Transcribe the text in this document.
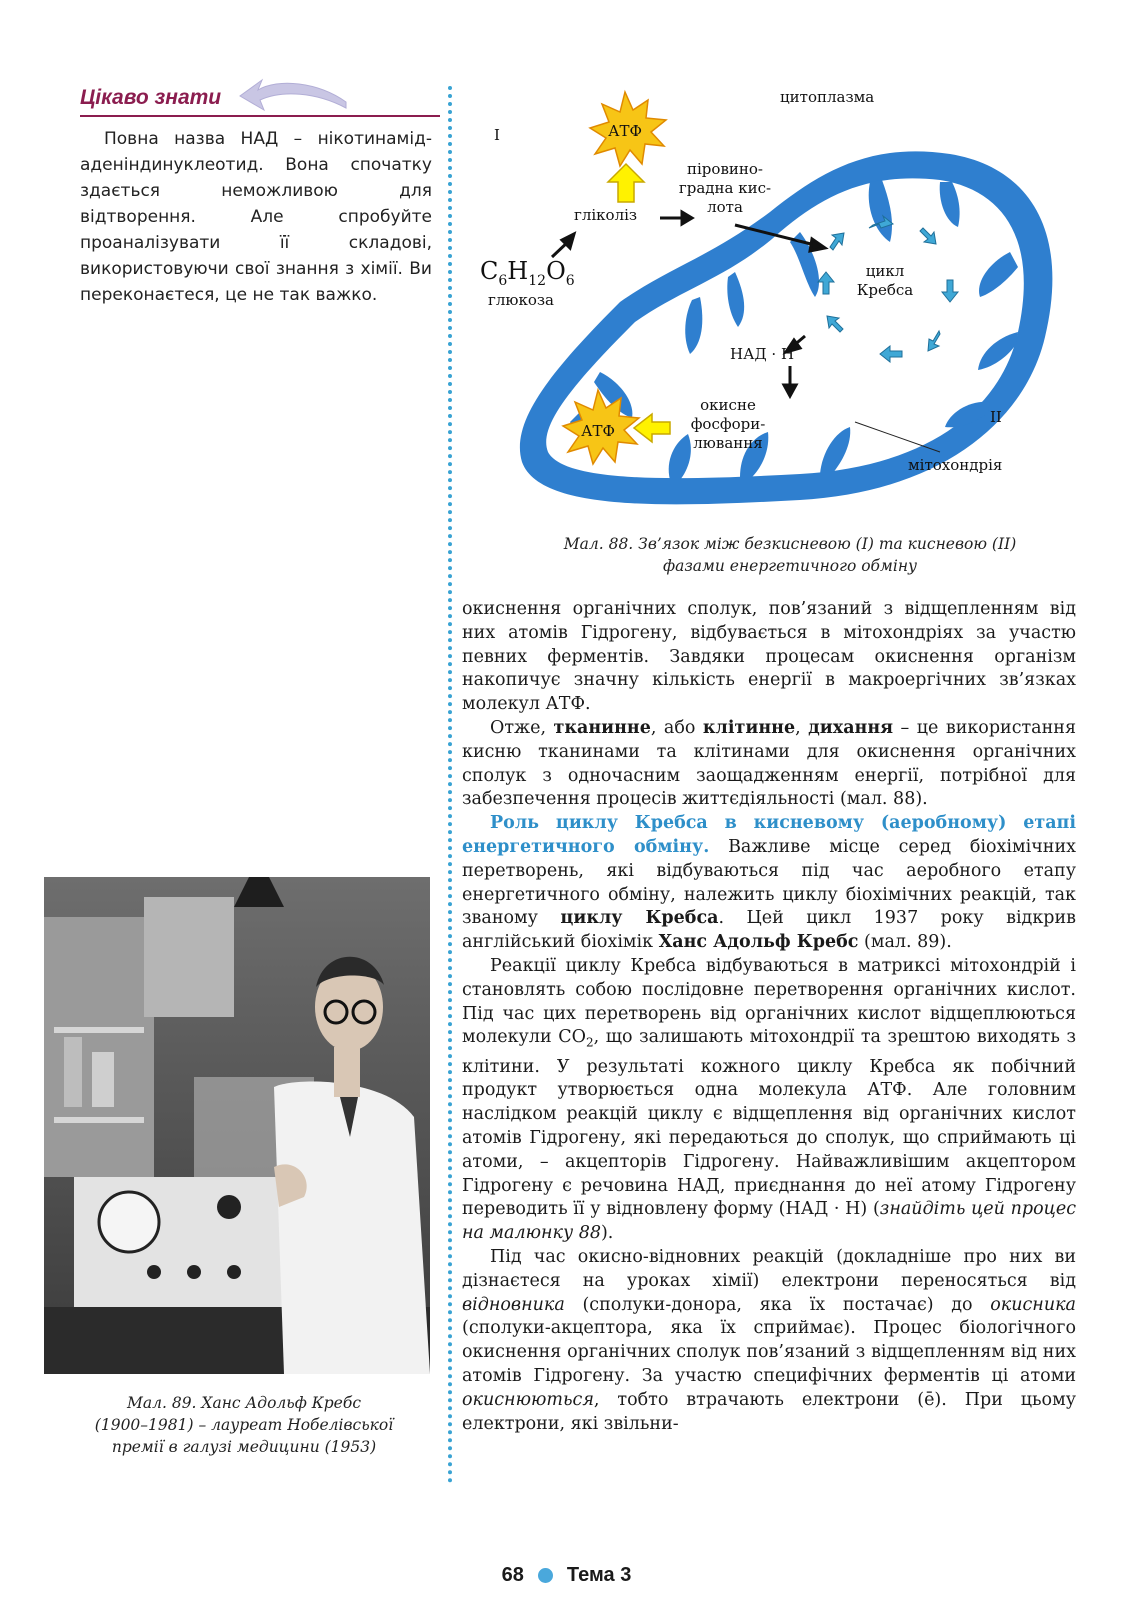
Цікаво знати
Повна назва НАД – нікотинамід-аденіндинуклеотид. Вона спочатку здається неможливою для відтворення. Але спробуйте проаналізувати її складові, використовуючи свої знання з хімії. Ви переконаєтеся, це не так важко.
цитоплазма
I
II
АТФ
АТФ
піровино-
градна кис-
лота
гліколіз
$C_6H_{12}O_6$
глюкоза
цикл
Кребса
НАД · Н
окисне
фосфори-
лювання
мітохондрія
Мал. 88. Зв’язок між безкисневою (I) та кисневою (II)
фазами енергетичного обміну

окиснення органічних сполук, пов’язаний з відщепленням від них атомів Гідрогену, відбувається в мітохондріях за участю певних ферментів. Завдяки процесам окиснення організм накопичує значну кількість енергії в макроергічних зв’язках молекул АТФ.

Отже, тканинне, або клітинне, дихання – це використання кисню тканинами та клітинами для окиснення органічних сполук з одночасним заощадженням енергії, потрібної для забезпечення процесів життєдіяльності (мал. 88).

Роль циклу Кребса в кисневому (аеробному) етапі енергетичного обміну. Важливе місце серед біохімічних перетворень, які відбуваються під час аеробного етапу енергетичного обміну, належить циклу біохімічних реакцій, так званому циклу Кребса. Цей цикл 1937 року відкрив англійський біохімік Ханс Адольф Кребс (мал. 89).

Реакції циклу Кребса відбуваються в матриксі мітохондрій і становлять собою послідовне перетворення органічних кислот. Під час цих перетворень від органічних кислот відщеплюються молекули $CO_2$, що залишають мітохондрії та зрештою виходять з клітини. У результаті кожного циклу Кребса як побічний продукт утворюється одна молекула АТФ. Але головним наслідком реакцій циклу є відщеплення від органічних кислот атомів Гідрогену, які передаються до сполук, що сприймають ці атоми, – акцепторів Гідрогену. Найважливішим акцептором Гідрогену є речовина НАД, приєднання до неї атому Гідрогену переводить її у відновлену форму (НАД · Н) (знайдіть цей процес на малюнку 88).

Під час окисно-відновних реакцій (докладніше про них ви дізнаєтеся на уроках хімії) електрони переносяться від відновника (сполуки-донора, яка їх постачає) до окисника (сполуки-акцептора, яка їх сприймає). Процес біологічного окиснення органічних сполук пов’язаний з відщепленням від них атомів Гідрогену. За участю специфічних ферментів ці атоми окиснюються, тобто втрачають електрони (ē). При цьому електрони, які звільни-

Мал. 89. Ханс Адольф Кребс
(1900–1981) – лауреат Нобелівської
премії в галузі медицини (1953)
68 Тема 3
